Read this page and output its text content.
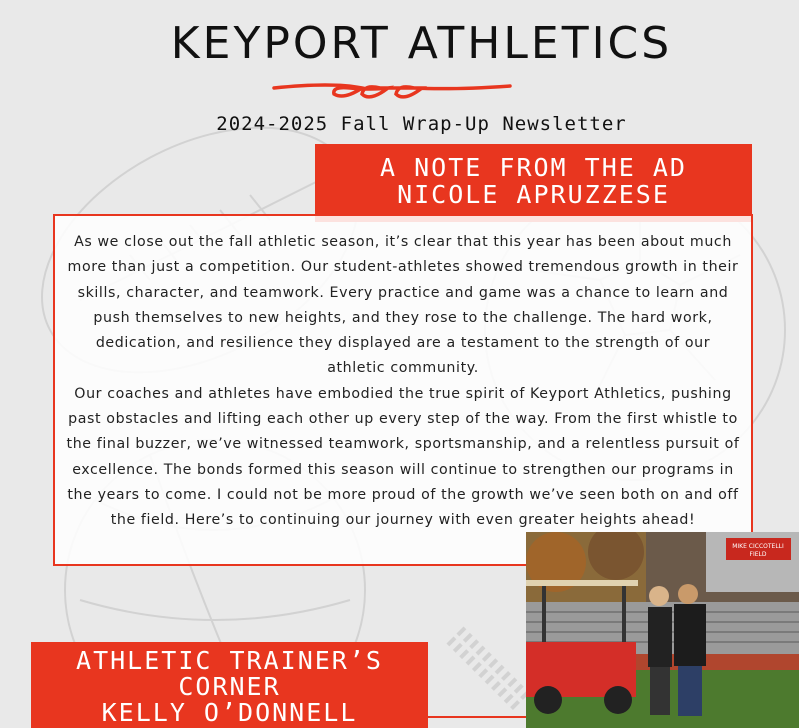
KEYPORT ATHLETICS
2024-2025 Fall Wrap-Up Newsletter
A NOTE FROM THE AD
NICOLE APRUZZESE

As we close out the fall athletic season, it’s clear that this year has been about much more than just a competition. Our student-athletes showed tremendous growth in their skills, character, and teamwork. Every practice and game was a chance to learn and push themselves to new heights, and they rose to the challenge. The hard work, dedication, and resilience they displayed are a testament to the strength of our athletic community.

Our coaches and athletes have embodied the true spirit of Keyport Athletics, pushing past obstacles and lifting each other up every step of the way. From the first whistle to the final buzzer, we’ve witnessed teamwork, sportsmanship, and a relentless pursuit of excellence. The bonds formed this season will continue to strengthen our programs in the years to come. I could not be more proud of the growth we’ve seen both on and off the field. Here’s to continuing our journey with even greater heights ahead!

MIKE CICCOTELLI
FIELD
ATHLETIC TRAINER’S
CORNER
KELLY O’DONNELL
